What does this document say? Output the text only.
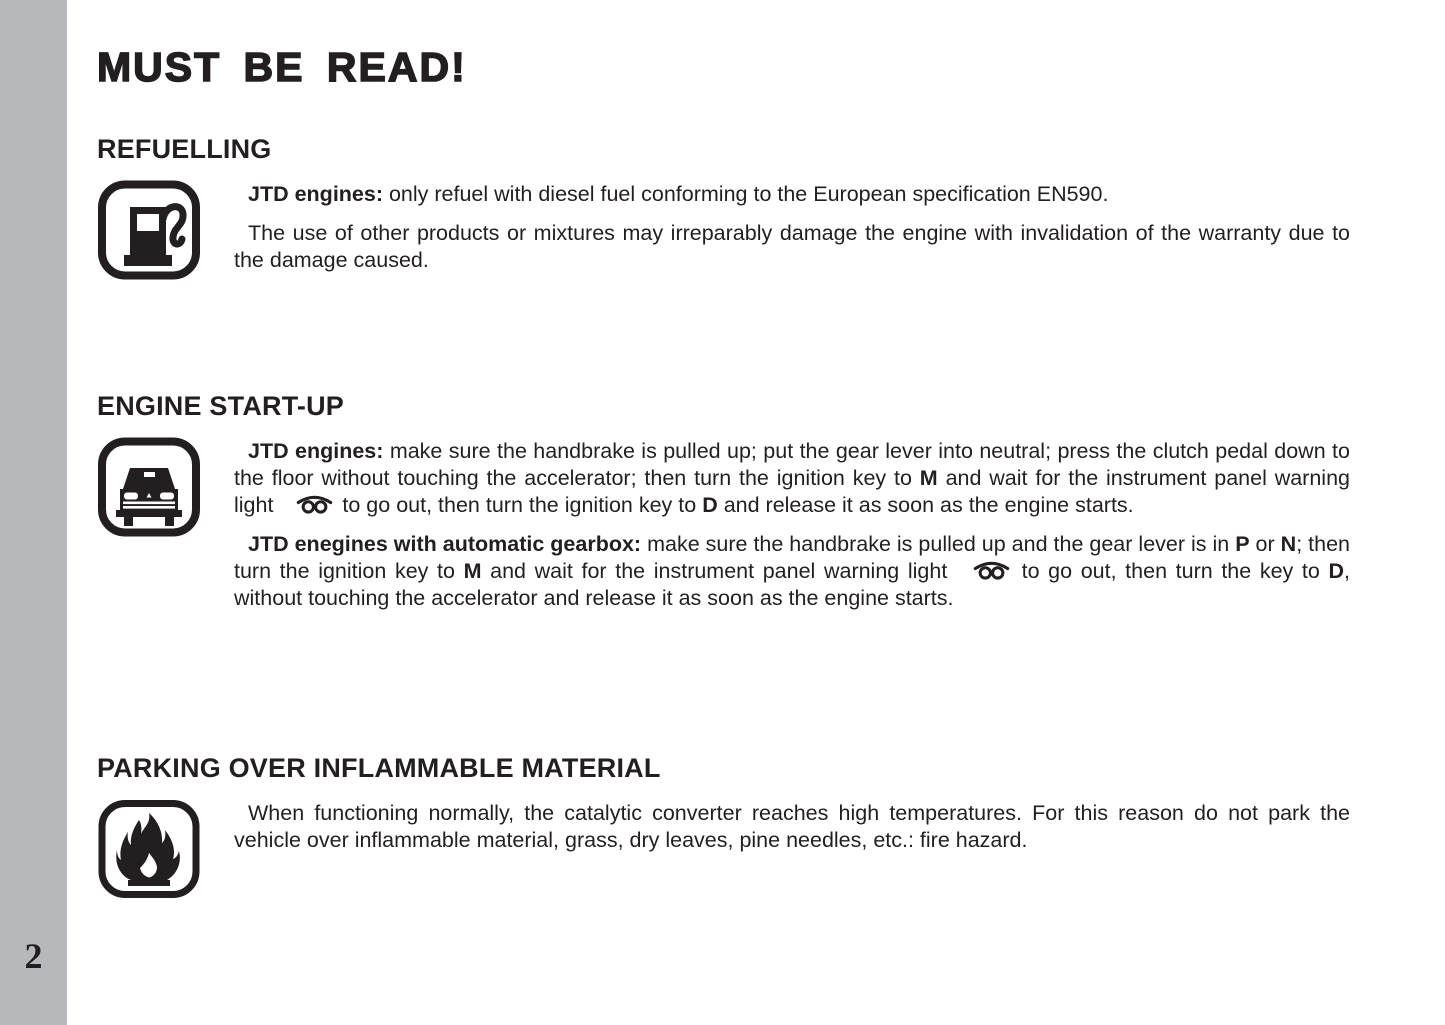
2
MUST BE READ!
REFUELLING

JTD engines: only refuel with diesel fuel conforming to the European specification EN590.

The use of other products or mixtures may irreparably damage the engine with invalidation of the warranty due to the damage caused.

ENGINE START-UP

JTD engines: make sure the handbrake is pulled up; put the gear lever into neutral; press the clutch pedal down to the floor without touching the accelerator; then turn the ignition key to M and wait for the instrument panel warning light	to go out, then turn the ignition key to D and release it as soon as the engine starts.

JTD enegines with automatic gearbox: make sure the handbrake is pulled up and the gear lever is in P or N; then turn the ignition key to M and wait for the instrument panel warning light	to go out, then turn the key to D, without touching the accelerator and release it as soon as the engine starts.

PARKING OVER INFLAMMABLE MATERIAL

When functioning normally, the catalytic converter reaches high temperatures. For this reason do not park the vehicle over inflammable material, grass, dry leaves, pine needles, etc.: fire hazard.
